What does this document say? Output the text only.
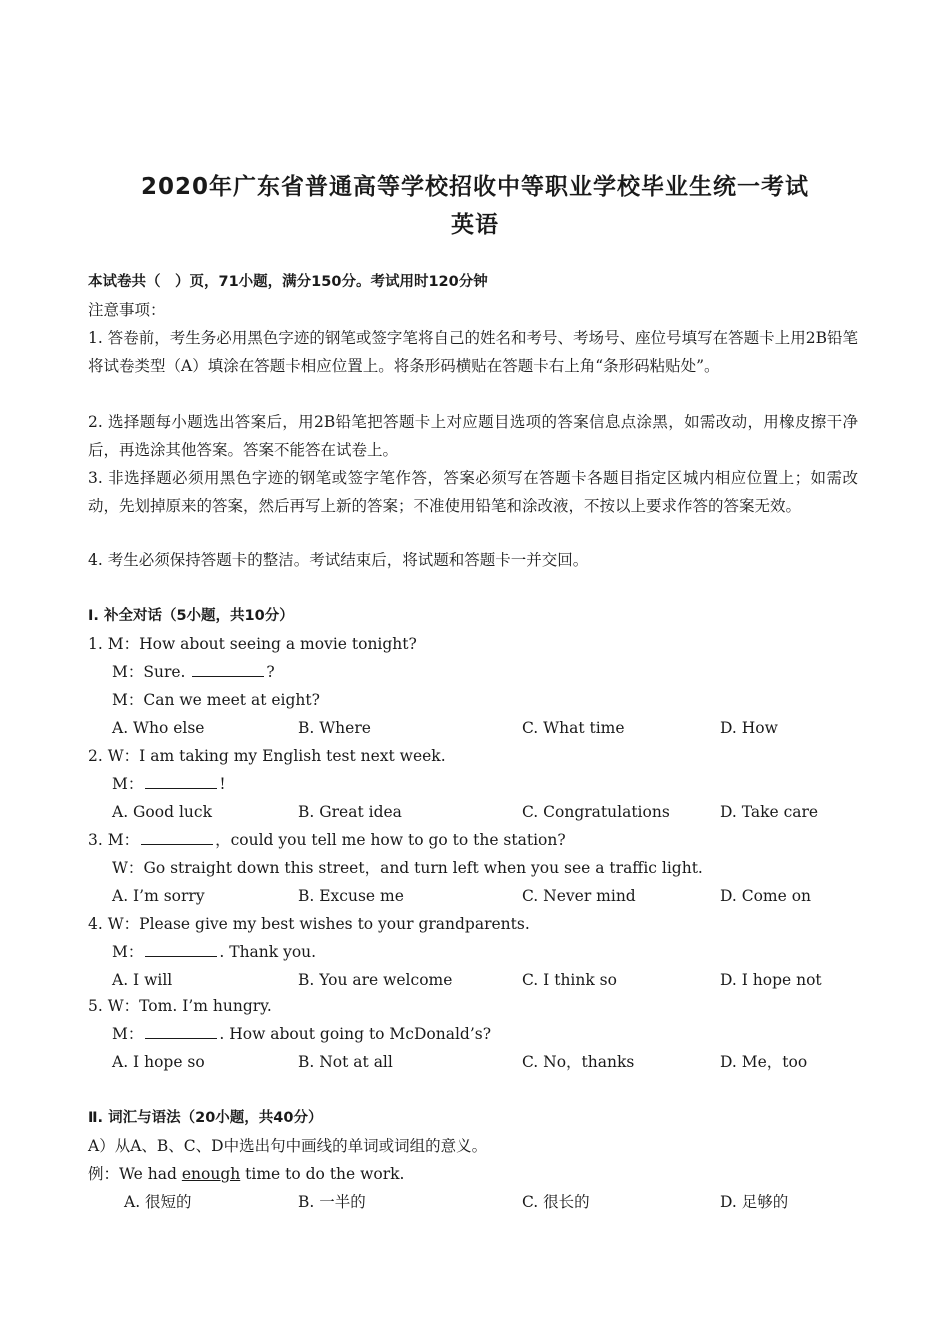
2020年广东省普通高等学校招收中等职业学校毕业生统一考试
英语
本试卷共（　）页，71小题，满分150分。考试用时120分钟
注意事项：
1. 答卷前，考生务必用黑色字迹的钢笔或签字笔将自己的姓名和考号、考场号、座位号填写在答题卡上用2B铅笔将试卷类型（A）填涂在答题卡相应位置上。将条形码横贴在答题卡右上角“条形码粘贴处”。
2. 选择题每小题选出答案后，用2B铅笔把答题卡上对应题目选项的答案信息点涂黑，如需改动，用橡皮擦干净后，再选涂其他答案。答案不能答在试卷上。
3. 非选择题必须用黑色字迹的钢笔或签字笔作答，答案必须写在答题卡各题目指定区城内相应位置上；如需改动，先划掉原来的答案，然后再写上新的答案；不准使用铅笔和涂改液，不按以上要求作答的答案无效。
4. 考生必须保持答题卡的整洁。考试结束后，将试题和答题卡一并交回。
Ⅰ. 补全对话（5小题，共10分）
1. M：How about seeing a movie tonight?
M：Sure.	?
M：Can we meet at eight?
A. Who else	B. Where	C. What time	D. How
2. W：I am taking my English test next week.
M：	!
A. Good luck	B. Great idea	C. Congratulations	D. Take care
3. M：	，could you tell me how to go to the station?
W：Go straight down this street，and turn left when you see a traffic light.
A. I’m sorry	B. Excuse me	C. Never mind	D. Come on
4. W：Please give my best wishes to your grandparents.
M：	. Thank you.
A. I will	B. You are welcome	C. I think so	D. I hope not
5. W：Tom. I’m hungry.
M：	. How about going to McDonald’s?
A. I hope so	B. Not at all	C. No，thanks	D. Me，too
Ⅱ. 词汇与语法（20小题，共40分）
A）从A、B、C、D中选出句中画线的单词或词组的意义。
例：We had enough time to do the work.
A. 很短的	B. 一半的	C. 很长的	D. 足够的
